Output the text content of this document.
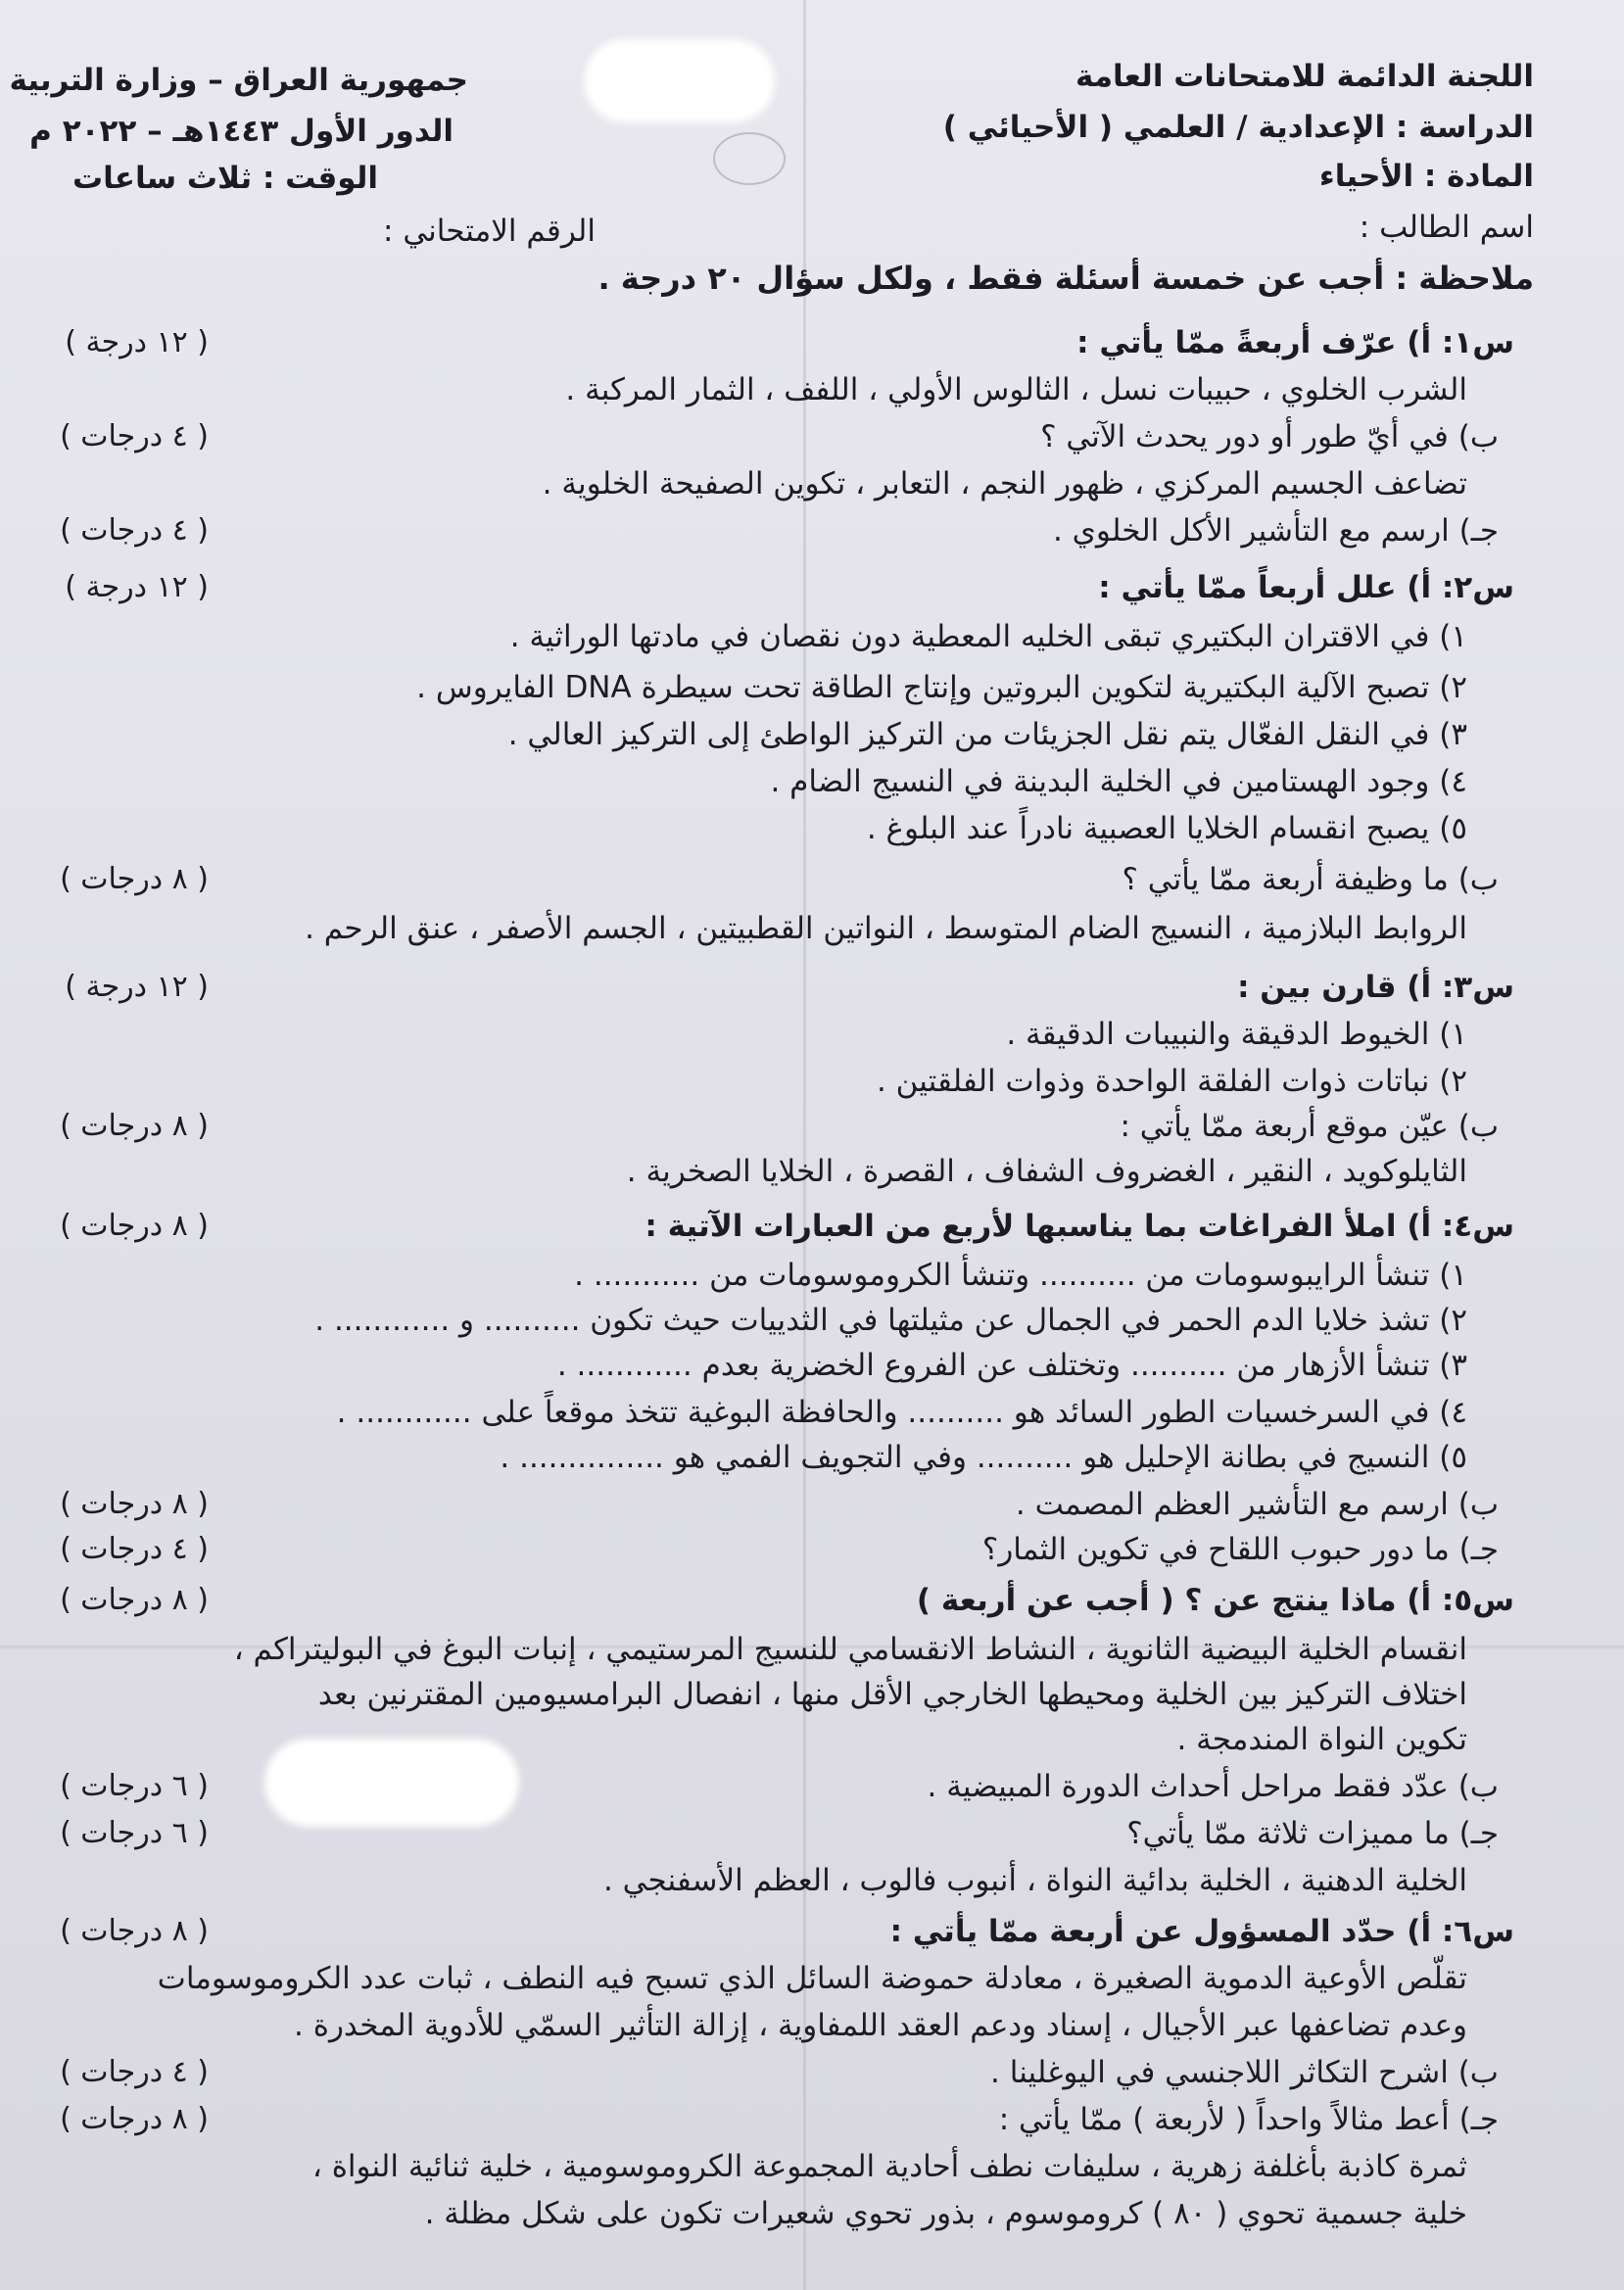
اللجنة الدائمة للامتحانات العامة
الدراسة : الإعدادية / العلمي ( الأحيائي )
المادة : الأحياء
اسم الطالب :
جمهورية العراق – وزارة التربية
الدور الأول ١٤٤٣هـ – ٢٠٢٢ م
الوقت : ثلاث ساعات
الرقم الامتحاني :
ملاحظة : أجب عن خمسة أسئلة فقط ، ولكل سؤال ٢٠ درجة .
س١: أ) عرّف أربعةً ممّا يأتي :
( ١٢ درجة )
الشرب الخلوي ، حبيبات نسل ، الثالوس الأولي ، اللفف ، الثمار المركبة .
ب) في أيّ طور أو دور يحدث الآتي ؟
( ٤ درجات )
تضاعف الجسيم المركزي ، ظهور النجم ، التعابر ، تكوين الصفيحة الخلوية .
جـ) ارسم مع التأشير الأكل الخلوي .
( ٤ درجات )
س٢: أ) علل أربعاً ممّا يأتي :
( ١٢ درجة )
١) في الاقتران البكتيري تبقى الخليه المعطية دون نقصان في مادتها الوراثية .
٢) تصبح الآلية البكتيرية لتكوين البروتين وإنتاج الطاقة تحت سيطرة DNA الفايروس .
٣) في النقل الفعّال يتم نقل الجزيئات من التركيز الواطئ إلى التركيز العالي .
٤) وجود الهستامين في الخلية البدينة في النسيج الضام .
٥) يصبح انقسام الخلايا العصبية نادراً عند البلوغ .
ب) ما وظيفة أربعة ممّا يأتي ؟
( ٨ درجات )
الروابط البلازمية ، النسيج الضام المتوسط ، النواتين القطبيتين ، الجسم الأصفر ، عنق الرحم .
س٣: أ) قارن بين :
( ١٢ درجة )
١) الخيوط الدقيقة والنبيبات الدقيقة .
٢) نباتات ذوات الفلقة الواحدة وذوات الفلقتين .
ب) عيّن موقع أربعة ممّا يأتي :
( ٨ درجات )
الثايلوكويد ، النقير ، الغضروف الشفاف ، القصرة ، الخلايا الصخرية .
س٤: أ) املأ الفراغات بما يناسبها لأربع من العبارات الآتية :
( ٨ درجات )
١) تنشأ الرايبوسومات من .......... وتنشأ الكروموسومات من ........... .
٢) تشذ خلايا الدم الحمر في الجمال عن مثيلتها في الثدييات حيث تكون .......... و ............ .
٣) تنشأ الأزهار من .......... وتختلف عن الفروع الخضرية بعدم ............ .
٤) في السرخسيات الطور السائد هو .......... والحافظة البوغية تتخذ موقعاً على ............ .
٥) النسيج في بطانة الإحليل هو .......... وفي التجويف الفمي هو ............... .
ب) ارسم مع التأشير العظم المصمت .
( ٨ درجات )
جـ) ما دور حبوب اللقاح في تكوين الثمار؟
( ٤ درجات )
س٥: أ) ماذا ينتج عن ؟ ( أجب عن أربعة )
( ٨ درجات )
انقسام الخلية البيضية الثانوية ، النشاط الانقسامي للنسيج المرستيمي ، إنبات البوغ في البوليتراكم ،
اختلاف التركيز بين الخلية ومحيطها الخارجي الأقل منها ، انفصال البرامسيومين المقترنين بعد
تكوين النواة المندمجة .
ب) عدّد فقط مراحل أحداث الدورة المبيضية .
( ٦ درجات )
جـ) ما مميزات ثلاثة ممّا يأتي؟
( ٦ درجات )
الخلية الدهنية ، الخلية بدائية النواة ، أنبوب فالوب ، العظم الأسفنجي .
س٦: أ) حدّد المسؤول عن أربعة ممّا يأتي :
( ٨ درجات )
تقلّص الأوعية الدموية الصغيرة ، معادلة حموضة السائل الذي تسبح فيه النطف ، ثبات عدد الكروموسومات
وعدم تضاعفها عبر الأجيال ، إسناد ودعم العقد اللمفاوية ، إزالة التأثير السمّي للأدوية المخدرة .
ب) اشرح التكاثر اللاجنسي في اليوغلينا .
( ٤ درجات )
جـ) أعط مثالاً واحداً ( لأربعة ) ممّا يأتي :
( ٨ درجات )
ثمرة كاذبة بأغلفة زهرية ، سليفات نطف أحادية المجموعة الكروموسومية ، خلية ثنائية النواة ،
خلية جسمية تحوي ( ٨٠ ) كروموسوم ، بذور تحوي شعيرات تكون على شكل مظلة .
